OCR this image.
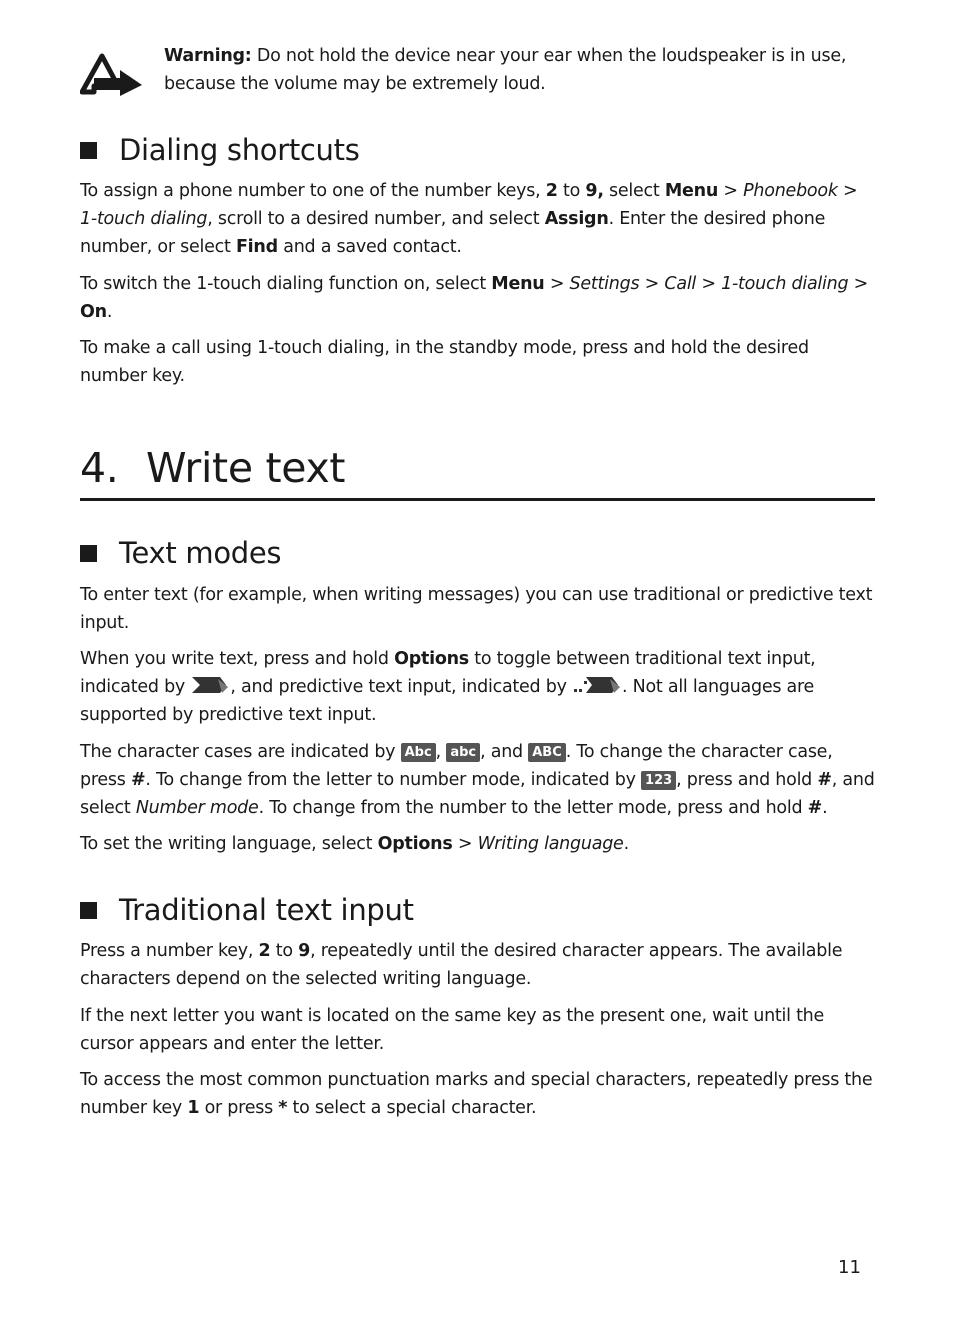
Warning: Do not hold the device near your ear when the loudspeaker is in use,
because the volume may be extremely loud.
Dialing shortcuts

To assign a phone number to one of the number keys, 2 to 9, select Menu > Phonebook > 1-touch dialing, scroll to a desired number, and select Assign. Enter the desired phone number, or select Find and a saved contact.

To switch the 1-touch dialing function on, select Menu > Settings > Call > 1-touch dialing > On.

To make a call using 1-touch dialing, in the standby mode, press and hold the desired number key.

4. Write text
Text modes

To enter text (for example, when writing messages) you can use traditional or predictive text input.

When you write text, press and hold Options to toggle between traditional text input, indicated by , and predictive text input, indicated by	. Not all languages are supported by predictive text input.

The character cases are indicated by Abc , abc , and ABC . To change the character case, press #. To change from the letter to number mode, indicated by 123 , press and hold #, and select Number mode. To change from the number to the letter mode, press and hold #.

To set the writing language, select Options > Writing language.

Traditional text input

Press a number key, 2 to 9, repeatedly until the desired character appears. The available characters depend on the selected writing language.

If the next letter you want is located on the same key as the present one, wait until the cursor appears and enter the letter.

To access the most common punctuation marks and special characters, repeatedly press the number key 1 or press * to select a special character.

11
